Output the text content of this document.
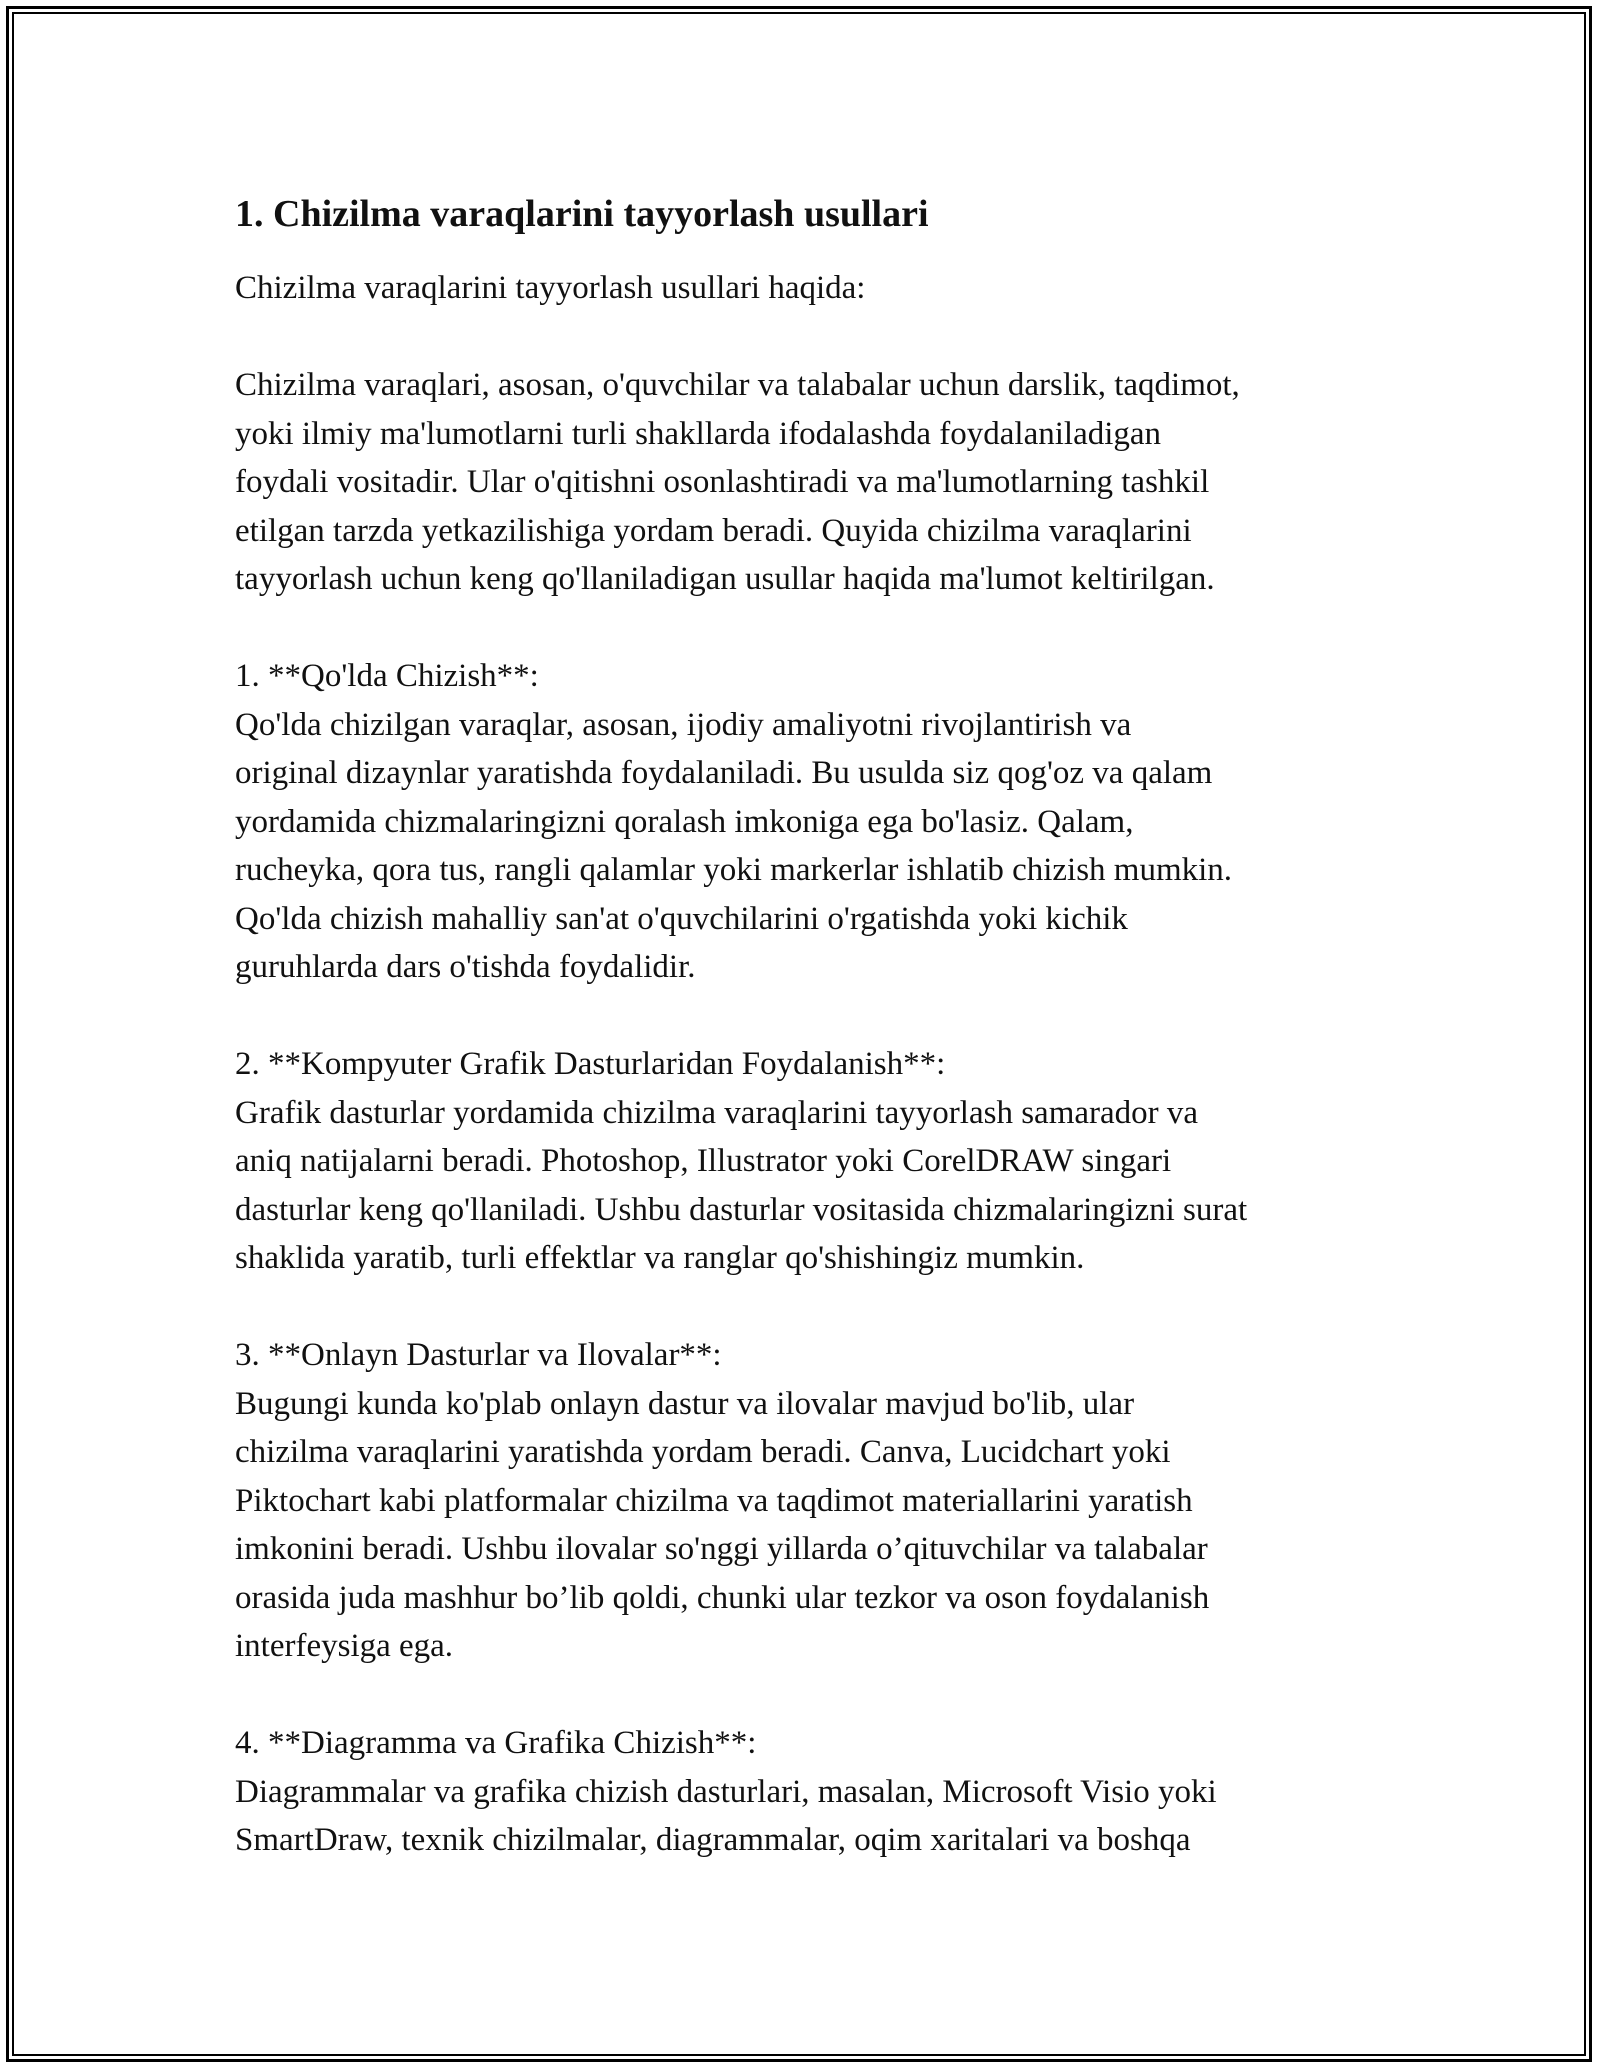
1. Chizilma varaqlarini tayyorlash usullari

Chizilma varaqlarini tayyorlash usullari haqida:

Chizilma varaqlari, asosan, o'quvchilar va talabalar uchun darslik, taqdimot,
yoki ilmiy ma'lumotlarni turli shakllarda ifodalashda foydalaniladigan
foydali vositadir. Ular o'qitishni osonlashtiradi va ma'lumotlarning tashkil
etilgan tarzda yetkazilishiga yordam beradi. Quyida chizilma varaqlarini
tayyorlash uchun keng qo'llaniladigan usullar haqida ma'lumot keltirilgan.

1. **Qo'lda Chizish**:

Qo'lda chizilgan varaqlar, asosan, ijodiy amaliyotni rivojlantirish va
original dizaynlar yaratishda foydalaniladi. Bu usulda siz qog'oz va qalam
yordamida chizmalaringizni qoralash imkoniga ega bo'lasiz. Qalam,
rucheyka, qora tus, rangli qalamlar yoki markerlar ishlatib chizish mumkin.
Qo'lda chizish mahalliy san'at o'quvchilarini o'rgatishda yoki kichik
guruhlarda dars o'tishda foydalidir.

2. **Kompyuter Grafik Dasturlaridan Foydalanish**:

Grafik dasturlar yordamida chizilma varaqlarini tayyorlash samarador va
aniq natijalarni beradi. Photoshop, Illustrator yoki CorelDRAW singari
dasturlar keng qo'llaniladi. Ushbu dasturlar vositasida chizmalaringizni surat
shaklida yaratib, turli effektlar va ranglar qo'shishingiz mumkin.

3. **Onlayn Dasturlar va Ilovalar**:

Bugungi kunda ko'plab onlayn dastur va ilovalar mavjud bo'lib, ular
chizilma varaqlarini yaratishda yordam beradi. Canva, Lucidchart yoki
Piktochart kabi platformalar chizilma va taqdimot materiallarini yaratish
imkonini beradi. Ushbu ilovalar so'nggi yillarda o’qituvchilar va talabalar
orasida juda mashhur bo’lib qoldi, chunki ular tezkor va oson foydalanish
interfeysiga ega.

4. **Diagramma va Grafika Chizish**:

Diagrammalar va grafika chizish dasturlari, masalan, Microsoft Visio yoki
SmartDraw, texnik chizilmalar, diagrammalar, oqim xaritalari va boshqa
